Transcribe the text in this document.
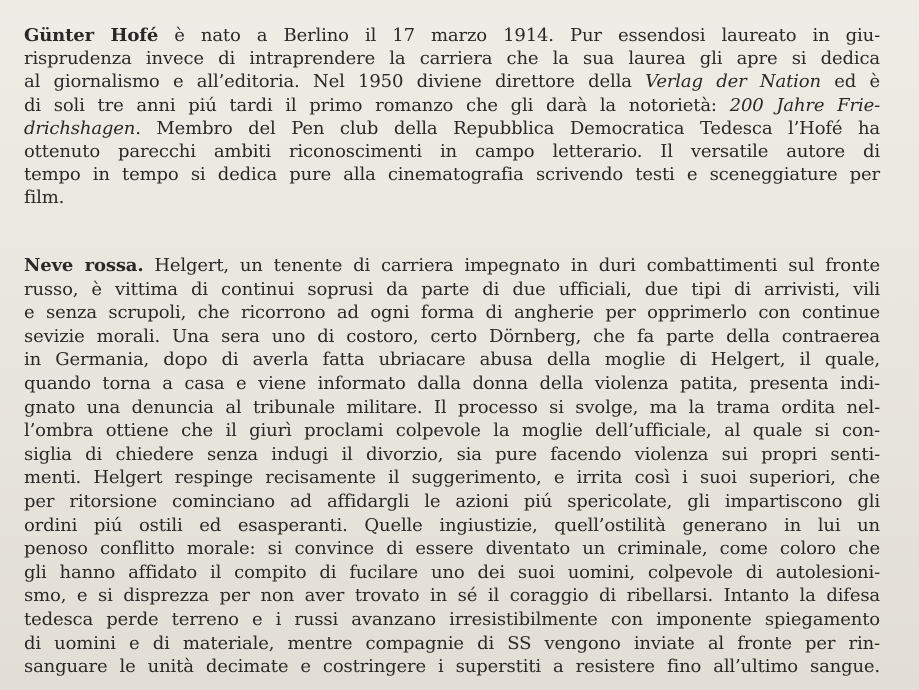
Günter Hofé è nato a Berlino il 17 marzo 1914. Pur essendosi laureato in giu-
risprudenza invece di intraprendere la carriera che la sua laurea gli apre si dedica
al giornalismo e all’editoria. Nel 1950 diviene direttore della Verlag der Nation ed è
di soli tre anni piú tardi il primo romanzo che gli darà la notorietà: 200 Jahre Frie-
drichshagen. Membro del Pen club della Repubblica Democratica Tedesca l’Hofé ha
ottenuto parecchi ambiti riconoscimenti in campo letterario. Il versatile autore di
tempo in tempo si dedica pure alla cinematografia scrivendo testi e sceneggiature per
film.
Neve rossa. Helgert, un tenente di carriera impegnato in duri combattimenti sul fronte
russo, è vittima di continui soprusi da parte di due ufficiali, due tipi di arrivisti, vili
e senza scrupoli, che ricorrono ad ogni forma di angherie per opprimerlo con continue
sevizie morali. Una sera uno di costoro, certo Dörnberg, che fa parte della contraerea
in Germania, dopo di averla fatta ubriacare abusa della moglie di Helgert, il quale,
quando torna a casa e viene informato dalla donna della violenza patita, presenta indi-
gnato una denuncia al tribunale militare. Il processo si svolge, ma la trama ordita nel-
l’ombra ottiene che il giurì proclami colpevole la moglie dell’ufficiale, al quale si con-
siglia di chiedere senza indugi il divorzio, sia pure facendo violenza sui propri senti-
menti. Helgert respinge recisamente il suggerimento, e irrita così i suoi superiori, che
per ritorsione cominciano ad affidargli le azioni piú spericolate, gli impartiscono gli
ordini piú ostili ed esasperanti. Quelle ingiustizie, quell’ostilità generano in lui un
penoso conflitto morale: si convince di essere diventato un criminale, come coloro che
gli hanno affidato il compito di fucilare uno dei suoi uomini, colpevole di autolesioni-
smo, e si disprezza per non aver trovato in sé il coraggio di ribellarsi. Intanto la difesa
tedesca perde terreno e i russi avanzano irresistibilmente con imponente spiegamento
di uomini e di materiale, mentre compagnie di SS vengono inviate al fronte per rin-
sanguare le unità decimate e costringere i superstiti a resistere fino all’ultimo sangue.
